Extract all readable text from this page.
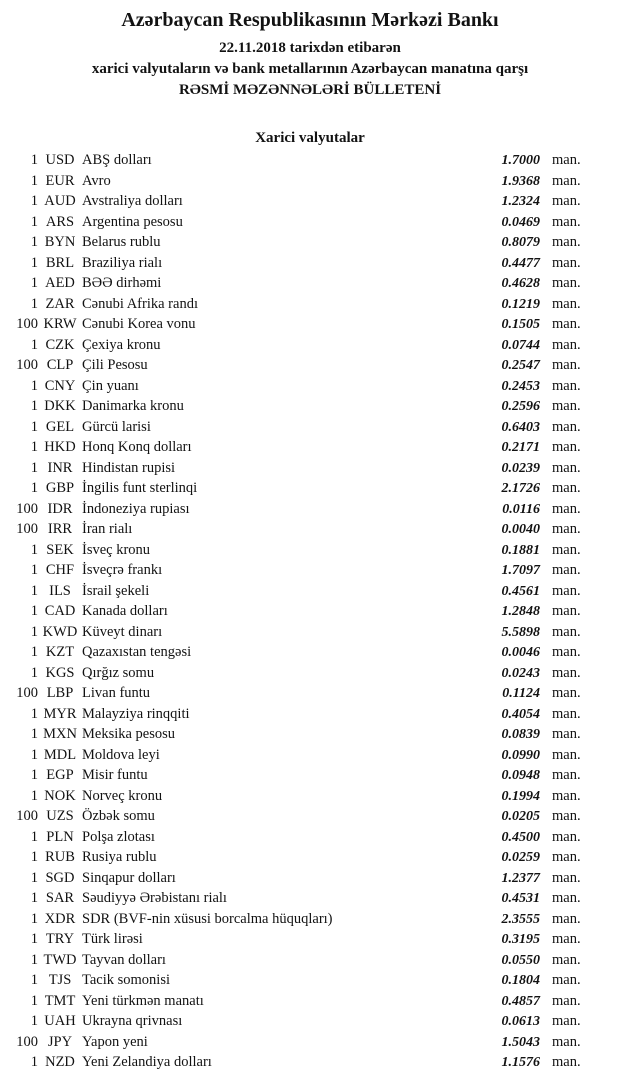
Azərbaycan Respublikasının Mərkəzi Bankı
22.11.2018 tarixdən etibarən
xarici valyutaların və bank metallarının Azərbaycan manatına qarşı
RƏSMİ MƏZƏNNƏLƏRİ BÜLLETENİ
Xarici valyutalar
1 USD ABŞ dolları	1.7000 man.
1 EUR Avro	1.9368 man.
1 AUD Avstraliya dolları	1.2324 man.
1 ARS Argentina pesosu	0.0469 man.
1 BYN Belarus rublu	0.8079 man.
1 BRL Braziliya rialı	0.4477 man.
1 AED BƏƏ dirhəmi	0.4628 man.
1 ZAR Cənubi Afrika randı	0.1219 man.
100 KRW Cənubi Korea vonu	0.1505 man.
1 CZK Çexiya kronu	0.0744 man.
100 CLP Çili Pesosu	0.2547 man.
1 CNY Çin yuanı	0.2453 man.
1 DKK Danimarka kronu	0.2596 man.
1 GEL Gürcü larisi	0.6403 man.
1 HKD Honq Konq dolları	0.2171 man.
1 INR Hindistan rupisi	0.0239 man.
1 GBP İngilis funt sterlinqi	2.1726 man.
100 IDR İndoneziya rupiası	0.0116 man.
100 IRR İran rialı	0.0040 man.
1 SEK İsveç kronu	0.1881 man.
1 CHF İsveçrə frankı	1.7097 man.
1 ILS İsrail şekeli	0.4561 man.
1 CAD Kanada dolları	1.2848 man.
1 KWD Küveyt dinarı	5.5898 man.
1 KZT Qazaxıstan tengəsi	0.0046 man.
1 KGS Qırğız somu	0.0243 man.
100 LBP Livan funtu	0.1124 man.
1 MYR Malayziya rinqqiti	0.4054 man.
1 MXN Meksika pesosu	0.0839 man.
1 MDL Moldova leyi	0.0990 man.
1 EGP Misir funtu	0.0948 man.
1 NOK Norveç kronu	0.1994 man.
100 UZS Özbək somu	0.0205 man.
1 PLN Polşa zlotası	0.4500 man.
1 RUB Rusiya rublu	0.0259 man.
1 SGD Sinqapur dolları	1.2377 man.
1 SAR Səudiyyə Ərəbistanı rialı	0.4531 man.
1 XDR SDR (BVF-nin xüsusi borcalma hüquqları)	2.3555 man.
1 TRY Türk lirəsi	0.3195 man.
1 TWD Tayvan dolları	0.0550 man.
1 TJS Tacik somonisi	0.1804 man.
1 TMT Yeni türkmən manatı	0.4857 man.
1 UAH Ukrayna qrivnası	0.0613 man.
100 JPY Yapon yeni	1.5043 man.
1 NZD Yeni Zelandiya dolları	1.1576 man.
